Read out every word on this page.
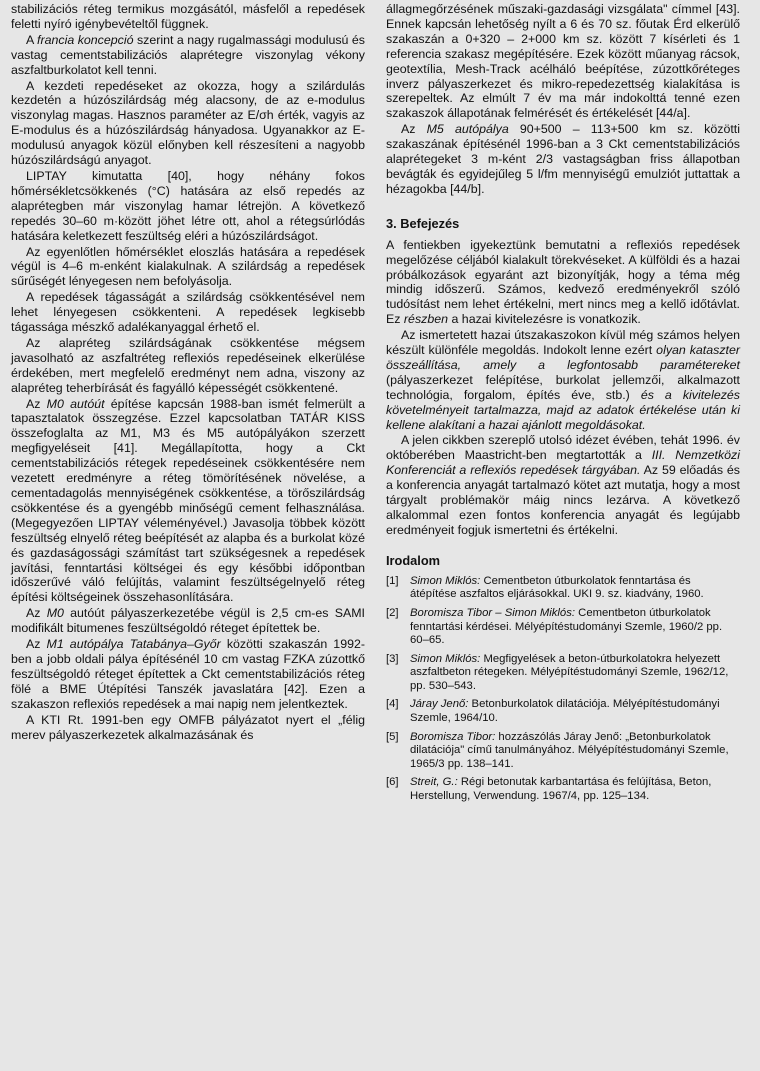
stabilizációs réteg termikus mozgásától, másfelől a repedések feletti nyíró igénybevételtől függnek.

A francia koncepció szerint a nagy rugalmassági modulusú és vastag cementstabilizációs alaprétegre viszonylag vékony aszfaltburkolatot kell tenni.

A kezdeti repedéseket az okozza, hogy a szilárdulás kezdetén a húzószilárdság még alacsony, de az e-modulus viszonylag magas. Hasznos paraméter az E/σh érték, vagyis az E-modulus és a húzószilárdság hányadosa. Ugyanakkor az E-modulusú anyagok közül előnyben kell részesíteni a nagyobb húzószilárdságú anyagot.

LIPTAY kimutatta [40], hogy néhány fokos hőmérsékletcsökkenés (°C) hatására az első repedés az alaprétegben már viszonylag hamar létrejön. A következő repedés 30–60 m·között jöhet létre ott, ahol a rétegsúrlódás hatására keletkezett feszültség eléri a húzószilárdságot.

Az egyenlőtlen hőmérséklet eloszlás hatására a repedések végül is 4–6 m-enként kialakulnak. A szilárdság a repedések sűrűségét lényegesen nem befolyásolja.

A repedések tágasságát a szilárdság csökkentésével nem lehet lényegesen csökkenteni. A repedések legkisebb tágassága mészkő adalékanyaggal érhető el.

Az alapréteg szilárdságának csökkentése mégsem javasolható az aszfaltréteg reflexiós repedéseinek elkerülése érdekében, mert megfelelő eredményt nem adna, viszony az alapréteg teherbírását és fagyálló képességét csökkentené.

Az M0 autóút építése kapcsán 1988-ban ismét felmerült a tapasztalatok összegzése. Ezzel kapcsolatban TATÁR KISS összefoglalta az M1, M3 és M5 autópályákon szerzett megfigyeléseit [41]. Megállapította, hogy a Ckt cementstabilizációs rétegek repedéseinek csökkentésére nem vezetett eredményre a réteg tömörítésének növelése, a cementadagolás mennyiségének csökkentése, a törőszilárdság csökkentése és a gyengébb minőségű cement felhasználása. (Megegyezően LIPTAY véleményével.) Javasolja többek között feszültség elnyelő réteg beépítését az alapba és a burkolat közé és gazdaságossági számítást tart szükségesnek a repedések javítási, fenntartási költségei és egy későbbi időpontban időszerűvé váló felújítás, valamint feszültségelnyelő réteg építési költségeinek összehasonlítására.

Az M0 autóút pályaszerkezetébe végül is 2,5 cm-es SAMI modifikált bitumenes feszültségoldó réteget építettek be.

Az M1 autópálya Tatabánya–Győr közötti szakaszán 1992-ben a jobb oldali pálya építésénél 10 cm vastag FZKA zúzottkő feszültségoldó réteget építettek a Ckt cementstabilizációs réteg fölé a BME Útépítési Tanszék javaslatára [42]. Ezen a szakaszon reflexiós repedések a mai napig nem jelentkeztek.

A KTI Rt. 1991-ben egy OMFB pályázatot nyert el „félig merev pályaszerkezetek alkalmazásának és

állagmegőrzésének műszaki-gazdasági vizsgálata" címmel [43]. Ennek kapcsán lehetőség nyílt a 6 és 70 sz. főutak Érd elkerülő szakaszán a 0+320 – 2+000 km sz. között 7 kísérleti és 1 referencia szakasz megépítésére. Ezek között műanyag rácsok, geotextília, Mesh-Track acélháló beépítése, zúzottkőréteges inverz pályaszerkezet és mikro-repedezettség kialakítása is szerepeltek. Az elmúlt 7 év ma már indokolttá tenné ezen szakaszok állapotának felmérését és értékelését [44/a].

Az M5 autópálya 90+500 – 113+500 km sz. közötti szakaszának építésénél 1996-ban a 3 Ckt cementstabilizációs alaprétegeket 3 m-ként 2/3 vastagságban friss állapotban bevágták és egyidejűleg 5 l/fm mennyiségű emulziót juttattak a hézagokba [44/b].

3. Befejezés

A fentiekben igyekeztünk bemutatni a reflexiós repedések megelőzése céljából kialakult törekvéseket. A külföldi és a hazai próbálkozások egyaránt azt bizonyítják, hogy a téma még mindig időszerű. Számos, kedvező eredményekről szóló tudósítást nem lehet értékelni, mert nincs meg a kellő időtávlat. Ez részben a hazai kivitelezésre is vonatkozik.

Az ismertetett hazai útszakaszokon kívül még számos helyen készült különféle megoldás. Indokolt lenne ezért olyan kataszter összeállítása, amely a legfontosabb paramétereket (pályaszerkezet felépítése, burkolat jellemzői, alkalmazott technológia, forgalom, építés éve, stb.) és a kivitelezés követelményeit tartalmazza, majd az adatok értékelése után ki kellene alakítani a hazai ajánlott megoldásokat.

A jelen cikkben szereplő utolsó idézet évében, tehát 1996. év októberében Maastricht-ben megtartották a III. Nemzetközi Konferenciát a reflexiós repedések tárgyában. Az 59 előadás és a konferencia anyagát tartalmazó kötet azt mutatja, hogy a most tárgyalt problémakör máig nincs lezárva. A következő alkalommal ezen fontos konferencia anyagát és legújabb eredményeit fogjuk ismertetni és értékelni.

Irodalom
[1]	Simon Miklós: Cementbeton útburkolatok fenntartása és átépítése aszfaltos eljárásokkal. UKI 9. sz. kiadvány, 1960.
[2]	Boromisza Tibor – Simon Miklós: Cementbeton útburkolatok fenntartási kérdései. Mélyépítéstudományi Szemle, 1960/2 pp. 60–65.
[3]	Simon Miklós: Megfigyelések a beton-útburkolatokra helyezett aszfaltbeton rétegeken. Mélyépítéstudományi Szemle, 1962/12, pp. 530–543.
[4]	Járay Jenő: Betonburkolatok dilatációja. Mélyépítéstudományi Szemle, 1964/10.
[5]	Boromisza Tibor: hozzászólás Járay Jenő: „Betonburkolatok dilatációja" című tanulmányához. Mélyépítéstudományi Szemle, 1965/3 pp. 138–141.
[6]	Streit, G.: Régi betonutak karbantartása és felújítása, Beton, Herstellung, Verwendung. 1967/4, pp. 125–134.
